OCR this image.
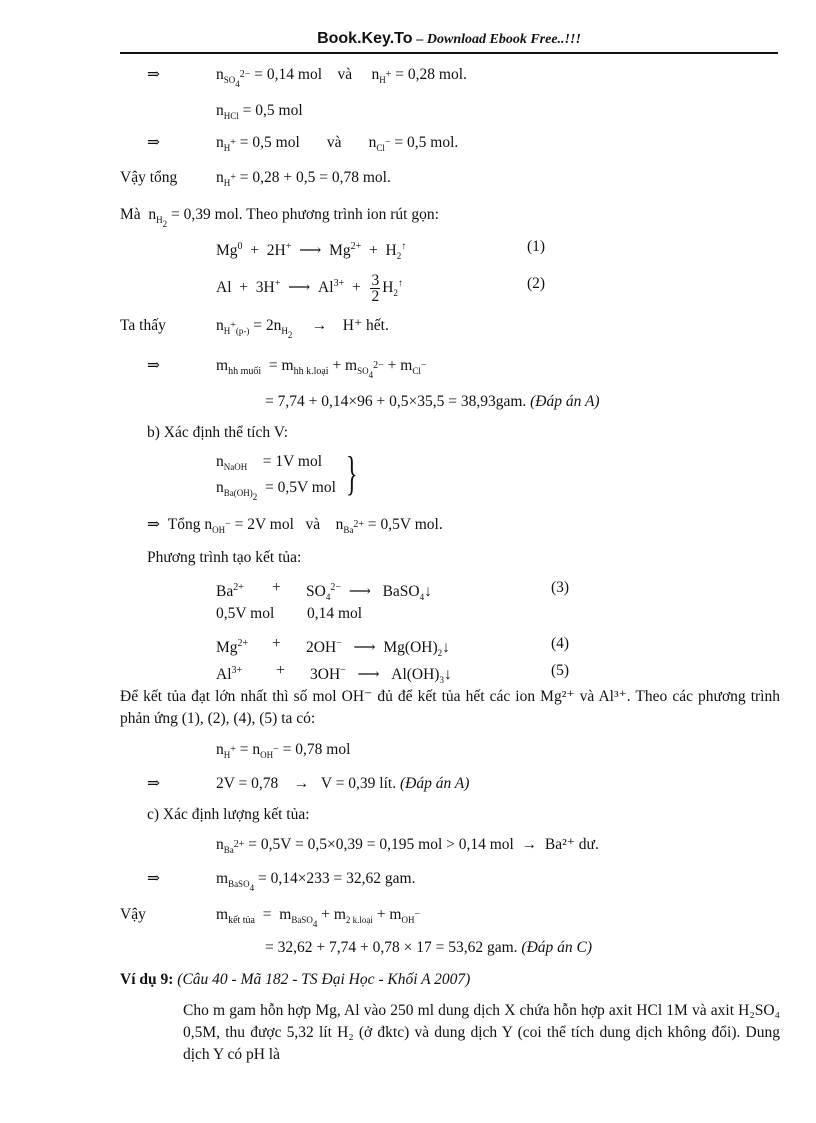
Book.Key.To – Download Ebook Free..!!!
⇒	$n_{SO_4^{2-}} = 0,14$ mol và     $n_{H^+} = 0,28$ mol.
$n_{HCl} = 0,5$ mol
⇒	$n_{H^+} = 0,5$ mol và       $n_{Cl^-} = 0,5$ mol.
Vậy tổng $n_{H^+} = 0,28 + 0,5 = 0,78$ mol.
Mà  $n_{H_2} = 0,39$ mol. Theo phương trình ion rút gọn:
Mg$^0$  +  2H+  ⟶  $Mg^{2+} + H_2^↑$	(1)
Al  +  3H+  ⟶  $Al^{3+} + \frac{3}{2} H_2^↑$	(2)
Ta thấy	$n_{H^+(p-)} = 2n_{H_2}$     →    H⁺ hết.
⇒	$m_{hh muối} = m_{hh k.loại} + m_{SO_4^{2-}} + m_{Cl^-}$
= 7,74 + 0,14×96 + 0,5×35,5 = 38,93gam. (Đáp án A)
b) Xác định thể tích V:
$n_{NaOH} = 1V$ mol
$n_{Ba(OH)_2} = 0,5V$ mol }
⇒ Tổng $n_{OH^-} = 2V$ mol và    $n_{Ba^{2+}} = 0,5V$ mol.
Phương trình tạo kết tủa:
$Ba^{2+} + SO_4^{2-}$  ⟶   BaSO$_4$↓	(3)
0,5V mol 0,14 mol
$Mg^{2+} + 2OH^-$   ⟶  $Mg(OH)_2↓$	(4)
$Al^{3+} + 3OH^-$   ⟶   $Al(OH)_3↓$	(5)
Để kết tủa đạt lớn nhất thì số mol OH⁻ đủ để kết tủa hết các ion Mg²⁺ và Al³⁺. Theo các phương trình phản ứng (1), (2), (4), (5) ta có:
$n_{H^+} = n_{OH^-} = 0,78$ mol
⇒	2V = 0,78    →   V = 0,39 lít. (Đáp án A)
c) Xác định lượng kết tủa:
$n_{Ba^{2+}} = 0,5V = 0,5\times 0,39 = 0,195$ mol > 0,14 mol  →  Ba²⁺ dư.
⇒	$m_{BaSO_4} = 0,14\times 233 = 32,62$ gam.
Vậy	$m_{kết tủa} = m_{BaSO_4} + m_{2 k.loại} + m_{OH^-}$
= 32,62 + 7,74 + 0,78 × 17 = 53,62 gam. (Đáp án C)
Ví dụ 9: (Câu 40 - Mã 182 - TS Đại Học - Khối A 2007)
Cho m gam hỗn hợp Mg, Al vào 250 ml dung dịch X chứa hỗn hợp axit HCl 1M và axit H₂SO₄ 0,5M, thu được 5,32 lít H₂ (ở đktc) và dung dịch Y (coi thể tích dung dịch không đổi). Dung dịch Y có pH là
